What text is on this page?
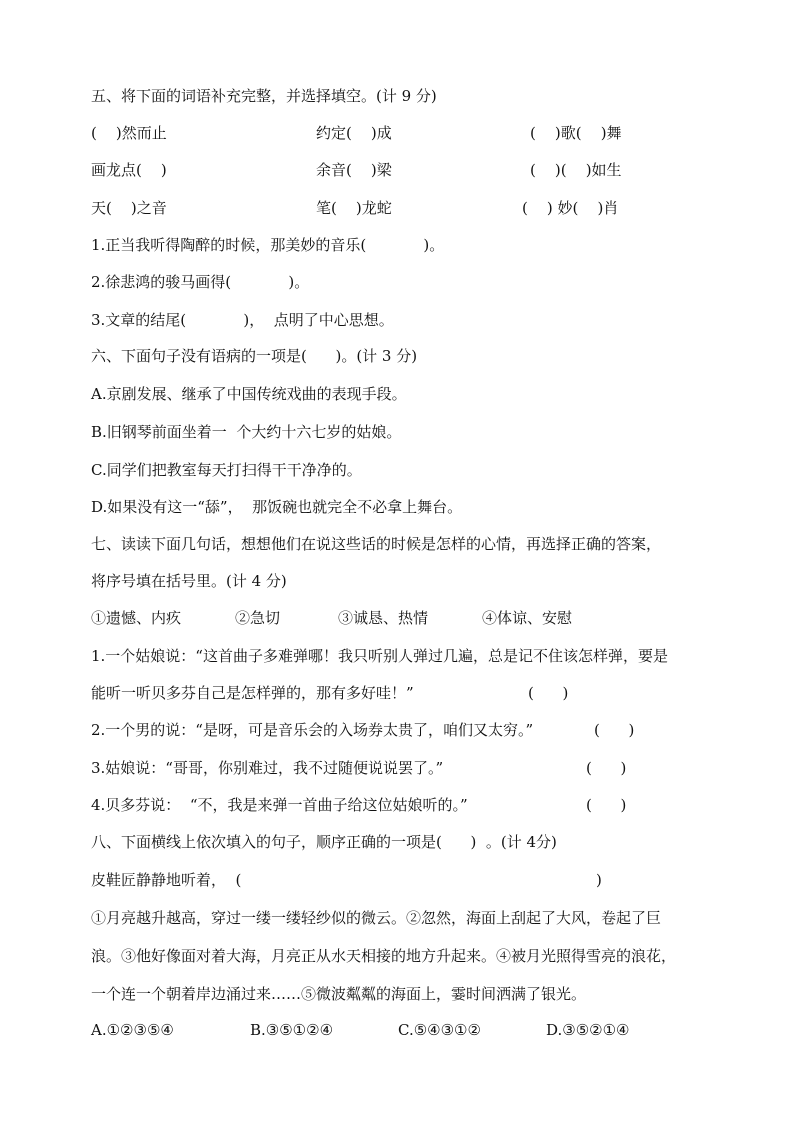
五、将下面的词语补充完整，并选择填空。(计 9 分)
(    )然而止	约定(    )成	(    )歌(    )舞
画龙点(    )	余音(    )梁	(    )(    )如生
天(    )之音	笔(    )龙蛇	(    ) 妙(    )肖
1.正当我听得陶醉的时候，那美妙的音乐(            )。
2.徐悲鸿的骏马画得(            )。
3.文章的结尾(            )，  点明了中心思想。
六、下面句子没有语病的一项是(      )。(计 3 分)
A.京剧发展、继承了中国传统戏曲的表现手段。
B.旧钢琴前面坐着一  个大约十六七岁的姑娘。
C.同学们把教室每天打扫得干干净净的。
D.如果没有这一“舔”，  那饭碗也就完全不必拿上舞台。
七、读读下面几句话，想想他们在说这些话的时候是怎样的心情，再选择正确的答案，
将序号填在括号里。(计 4 分)
①遗憾、内疚	②急切	③诚恳、热情	④体谅、安慰
1.一个姑娘说：“这首曲子多难弹哪！我只听别人弹过几遍，总是记不住该怎样弹，要是
能听一听贝多芬自己是怎样弹的，那有多好哇！”	(      )
2.一个男的说：“是呀，可是音乐会的入场券太贵了，咱们又太穷。”	(      )
3.姑娘说：“哥哥，你别难过，我不过随便说说罢了。”	(      )
4.贝多芬说：  “不，我是来弹一首曲子给这位姑娘听的。”	(      )
八、下面横线上依次填入的句子，顺序正确的一项是(      )  。(计 4分)
皮鞋匠静静地听着，  (	)
①月亮越升越高，穿过一缕一缕轻纱似的微云。②忽然，海面上刮起了大风，卷起了巨
浪。③他好像面对着大海，月亮正从水天相接的地方升起来。④被月光照得雪亮的浪花，
一个连一个朝着岸边涌过来……⑤微波粼粼的海面上，霎时间洒满了银光。
A.①②③⑤④	B.③⑤①②④	C.⑤④③①②	D.③⑤②①④
